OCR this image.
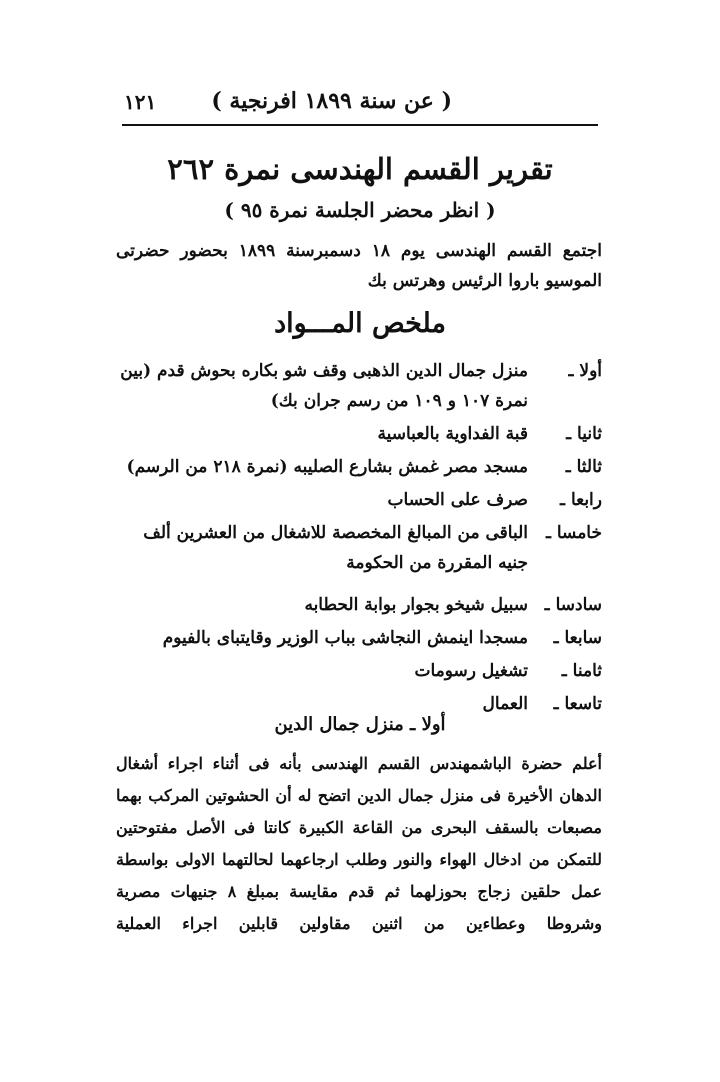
( عن سنة ١٨٩٩ افرنجية )
١٢١
تقرير القسم الهندسى نمرة ٢٦٢
( انظر محضر الجلسة نمرة ٩٥ )

اجتمع القسم الهندسى يوم ١٨ دسمبرسنة ١٨٩٩ بحضور حضرتى الموسيو باروا الرئيس وهرتس بك

ملخص المـــواد
أولا ـ
منزل جمال الدين الذهبى وقف شو بكاره بحوش قدم (بين نمرة ١٠٧ و ١٠٩ من رسم جران بك)
ثانيا ـ
قبة الفداوية بالعباسية
ثالثا ـ
مسجد مصر غمش بشارع الصليبه (نمرة ٢١٨ من الرسم)
رابعا ـ
صرف على الحساب
خامسا ـ
الباقى من المبالغ المخصصة للاشغال من العشرين ألف جنيه المقررة من الحكومة
سادسا ـ
سبيل شيخو بجوار بوابة الحطابه
سابعا ـ
مسجدا اينمش النجاشى بباب الوزير وقايتباى بالفيوم
ثامنا ـ
تشغيل رسومات
تاسعا ـ
العمال
أولا ـ منزل جمال الدين

أعلم حضرة الباشمهندس القسم الهندسى بأنه فى أثناء اجراء أشغال الدهان الأخيرة فى منزل جمال الدين اتضح له أن الحشوتين المركب بهما مصبعات بالسقف البحرى من القاعة الكبيرة كانتا فى الأصل مفتوحتين للتمكن من ادخال الهواء والنور وطلب ارجاعهما لحالتهما الاولى بواسطة عمل حلقين زجاج بحوزلهما ثم قدم مقايسة بمبلغ ٨ جنيهات مصرية وشروطا وعطاءين من اثنين مقاولين قابلين اجراء العملية
